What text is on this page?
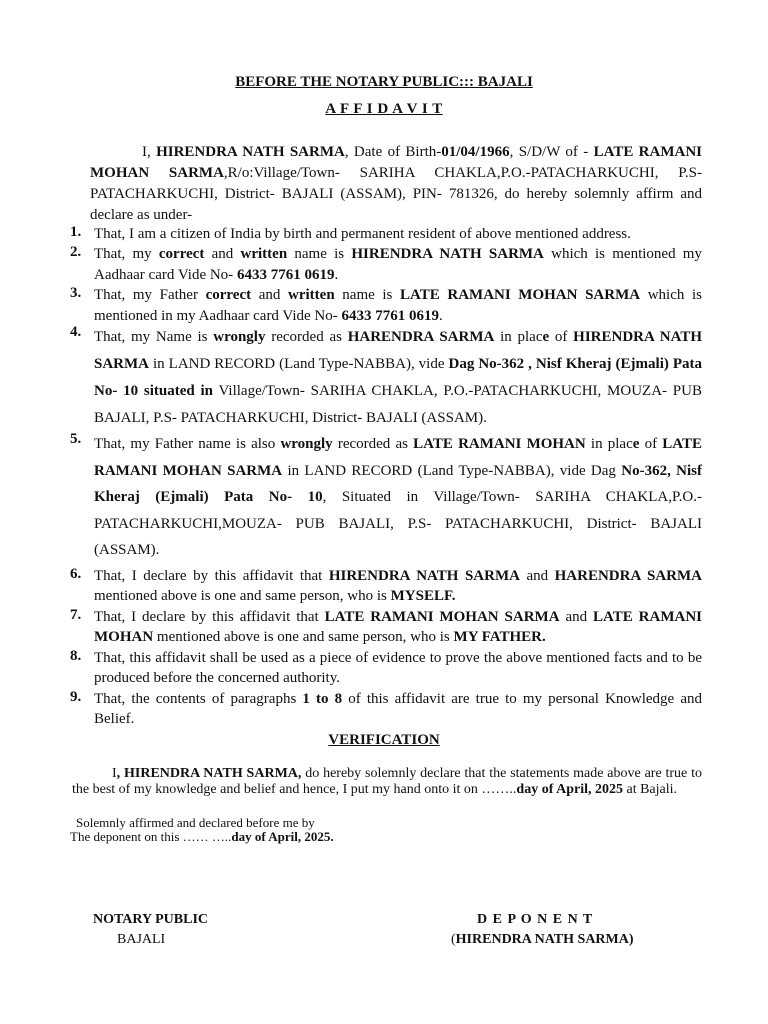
BEFORE THE NOTARY PUBLIC::: BAJALI
A F F I D A V I T
I, HIRENDRA NATH SARMA, Date of Birth-01/04/1966, S/D/W of - LATE RAMANI MOHAN SARMA,R/o:Village/Town- SARIHA CHAKLA,P.O.-PATACHARKUCHI, P.S-PATACHARKUCHI, District- BAJALI (ASSAM), PIN- 781326, do hereby solemnly affirm and declare as under-
1. That, I am a citizen of India by birth and permanent resident of above mentioned address.
2. That, my correct and written name is HIRENDRA NATH SARMA which is mentioned my Aadhaar card Vide No- 6433 7761 0619.
3. That, my Father correct and written name is LATE RAMANI MOHAN SARMA which is mentioned in my Aadhaar card Vide No- 6433 7761 0619.
4. That, my Name is wrongly recorded as HARENDRA SARMA in place of HIRENDRA NATH SARMA in LAND RECORD (Land Type-NABBA), vide Dag No-362 , Nisf Kheraj (Ejmali) Pata No- 10 situated in Village/Town- SARIHA CHAKLA, P.O.-PATACHARKUCHI, MOUZA- PUB BAJALI, P.S- PATACHARKUCHI, District- BAJALI (ASSAM).
5. That, my Father name is also wrongly recorded as LATE RAMANI MOHAN in place of LATE RAMANI MOHAN SARMA in LAND RECORD (Land Type-NABBA), vide Dag No-362, Nisf Kheraj (Ejmali) Pata No- 10, Situated in Village/Town- SARIHA CHAKLA,P.O.-PATACHARKUCHI,MOUZA- PUB BAJALI, P.S- PATACHARKUCHI, District- BAJALI (ASSAM).
6. That, I declare by this affidavit that HIRENDRA NATH SARMA and HARENDRA SARMA mentioned above is one and same person, who is MYSELF.
7. That, I declare by this affidavit that LATE RAMANI MOHAN SARMA and LATE RAMANI MOHAN mentioned above is one and same person, who is MY FATHER.
8. That, this affidavit shall be used as a piece of evidence to prove the above mentioned facts and to be produced before the concerned authority.
9. That, the contents of paragraphs 1 to 8 of this affidavit are true to my personal Knowledge and Belief.
VERIFICATION
I, HIRENDRA NATH SARMA, do hereby solemnly declare that the statements made above are true to the best of my knowledge and belief and hence, I put my hand onto it on ……..day of April, 2025 at Bajali.
Solemnly affirmed and declared before me by
The deponent on this …… …..day of April, 2025.
NOTARY PUBLIC
BAJALI
D E P O N E N T
(HIRENDRA NATH SARMA)
